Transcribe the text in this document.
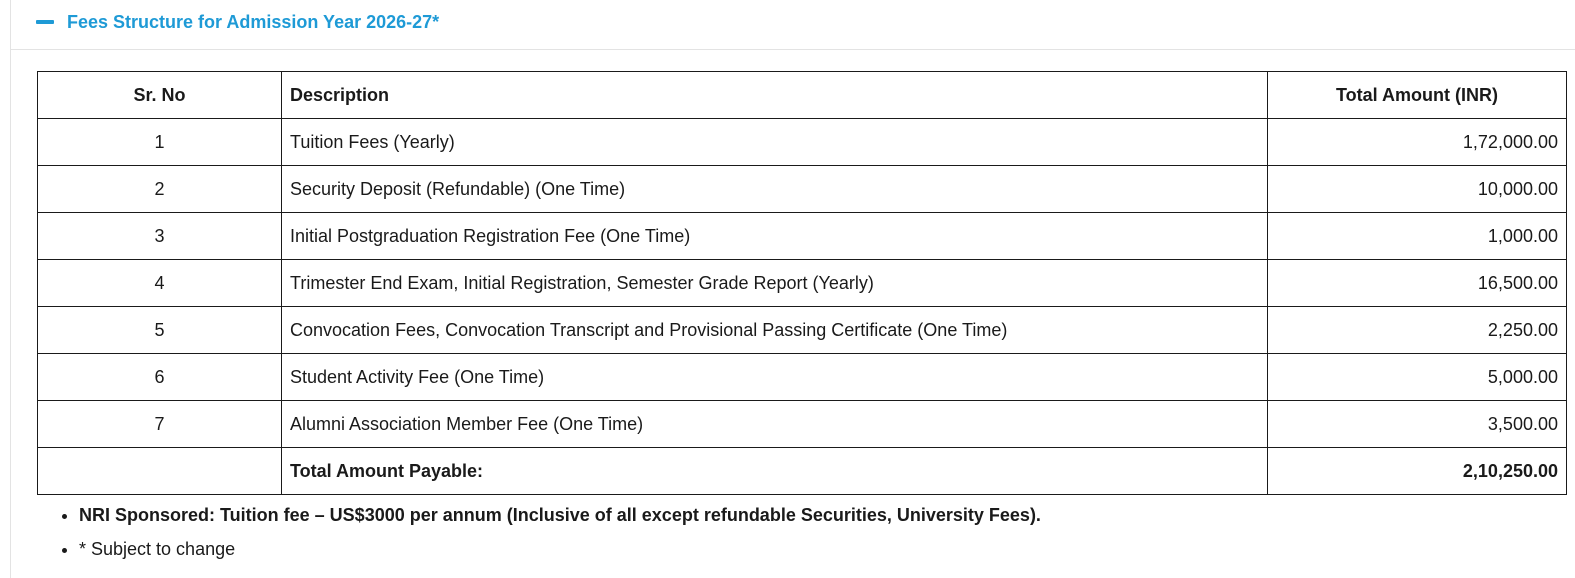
Fees Structure for Admission Year 2026-27*
Sr. No	Description	Total Amount (INR)
1	Tuition Fees (Yearly)	1,72,000.00
2	Security Deposit (Refundable) (One Time)	10,000.00
3	Initial Postgraduation Registration Fee (One Time)	1,000.00
4	Trimester End Exam, Initial Registration, Semester Grade Report (Yearly)	16,500.00
5	Convocation Fees, Convocation Transcript and Provisional Passing Certificate (One Time)	2,250.00
6	Student Activity Fee (One Time)	5,000.00
7	Alumni Association Member Fee (One Time)	3,500.00
	Total Amount Payable:	2,10,250.00
• NRI Sponsored: Tuition fee – US$3000 per annum (Inclusive of all except refundable Securities, University Fees).
• * Subject to change
